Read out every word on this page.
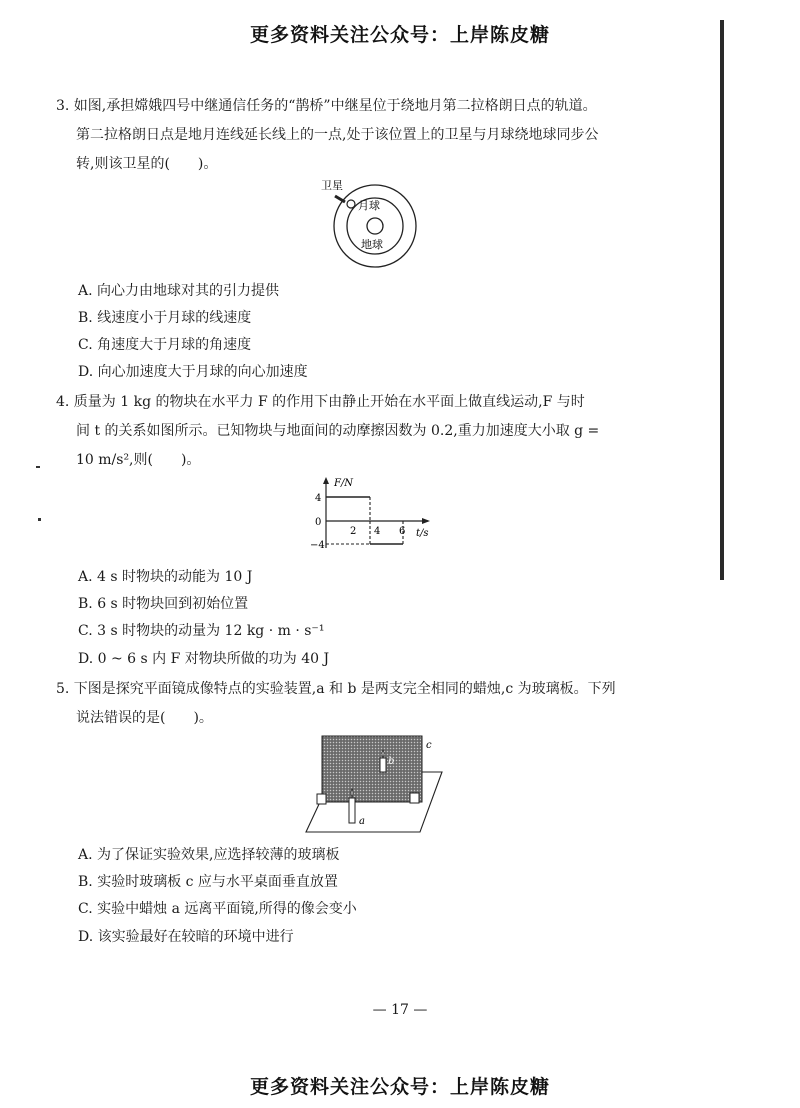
更多资料关注公众号：上岸陈皮糖

3. 如图,承担嫦娥四号中继通信任务的“鹊桥”中继星位于绕地月第二拉格朗日点的轨道。

第二拉格朗日点是地月连线延长线上的一点,处于该位置上的卫星与月球绕地球同步公

转,则该卫星的(　　)。

卫星
月球
地球
A. 向心力由地球对其的引力提供
B. 线速度小于月球的线速度
C. 角速度大于月球的角速度
D. 向心加速度大于月球的向心加速度

4. 质量为 1 kg 的物块在水平力 F 的作用下由静止开始在水平面上做直线运动,F 与时

间 t 的关系如图所示。已知物块与地面间的动摩擦因数为 0.2,重力加速度大小取 g =

10 m/s²,则(　　)。

F/N
t/s
4
0
−4
2 4 6
A. 4 s 时物块的动能为 10 J
B. 6 s 时物块回到初始位置
C. 3 s 时物块的动量为 12 kg · m · s⁻¹
D. 0 ~ 6 s 内 F 对物块所做的功为 40 J

5. 下图是探究平面镜成像特点的实验装置,a 和 b 是两支完全相同的蜡烛,c 为玻璃板。下列

说法错误的是(　　)。

b
a
c
A. 为了保证实验效果,应选择较薄的玻璃板
B. 实验时玻璃板 c 应与水平桌面垂直放置
C. 实验中蜡烛 a 远离平面镜,所得的像会变小
D. 该实验最好在较暗的环境中进行
— 17 —
更多资料关注公众号：上岸陈皮糖
